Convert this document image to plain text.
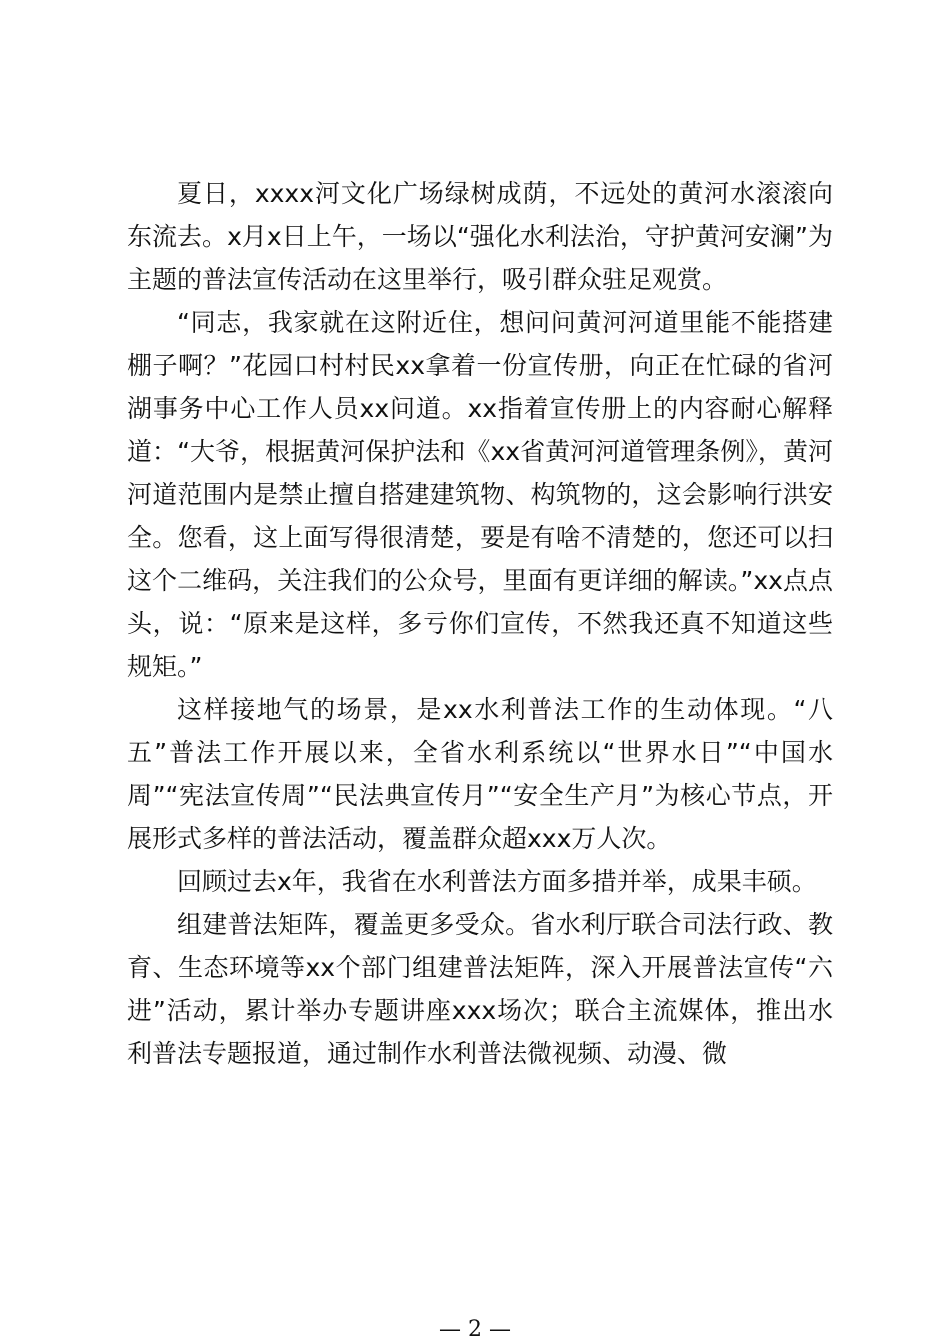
夏日，xxxx河文化广场绿树成荫，不远处的黄河水滚滚向东流去。x月x日上午，一场以“强化水利法治，守护黄河安澜”为主题的普法宣传活动在这里举行，吸引群众驻足观赏。

“同志，我家就在这附近住，想问问黄河河道里能不能搭建棚子啊？”花园口村村民xx拿着一份宣传册，向正在忙碌的省河湖事务中心工作人员xx问道。xx指着宣传册上的内容耐心解释道：“大爷，根据黄河保护法和《xx省黄河河道管理条例》，黄河河道范围内是禁止擅自搭建建筑物、构筑物的，这会影响行洪安全。您看，这上面写得很清楚，要是有啥不清楚的，您还可以扫这个二维码，关注我们的公众号，里面有更详细的解读。”xx点点头，说：“原来是这样，多亏你们宣传，不然我还真不知道这些规矩。”

这样接地气的场景，是xx水利普法工作的生动体现。“八五”普法工作开展以来，全省水利系统以“世界水日”“中国水周”“宪法宣传周”“民法典宣传月”“安全生产月”为核心节点，开展形式多样的普法活动，覆盖群众超xxx万人次。

回顾过去x年，我省在水利普法方面多措并举，成果丰硕。

组建普法矩阵，覆盖更多受众。省水利厅联合司法行政、教育、生态环境等xx个部门组建普法矩阵，深入开展普法宣传“六进”活动，累计举办专题讲座xxx场次；联合主流媒体，推出水利普法专题报道，通过制作水利普法微视频、动漫、微

— 2 —
